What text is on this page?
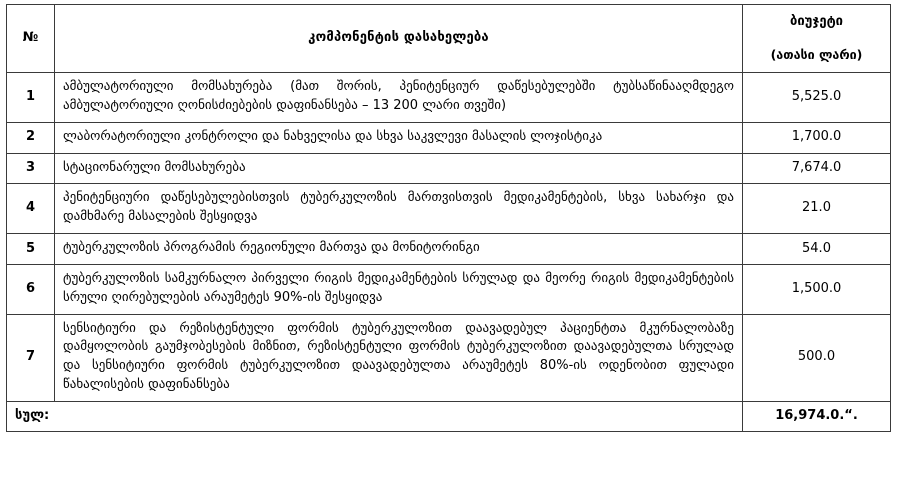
№	კომპონენტის დასახელება	ბიუჯეტი
(ათასი ლარი)

1	ამბულატორიული მომსახურება (მათ შორის, პენიტენციურ დაწესებულებში ტუბსაწინააღმდეგო ამბულატორიული ღონისძიებების დაფინანსება – 13 200 ლარი თვეში)	5,525.0
2	ლაბორატორიული კონტროლი და ნახველისა და სხვა საკვლევი მასალის ლოჯისტიკა	1,700.0
3	სტაციონარული მომსახურება	7,674.0
4	პენიტენციური დაწესებულებისთვის ტუბერკულოზის მართვისთვის მედიკამენტების, სხვა სახარჯი და დამხმარე მასალების შესყიდვა	21.0
5	ტუბერკულოზის პროგრამის რეგიონული მართვა და მონიტორინგი	54.0
6	ტუბერკულოზის სამკურნალო პირველი რიგის მედიკამენტების სრულად და მეორე რიგის მედიკამენტების სრული ღირებულების არაუმეტეს 90%-ის შესყიდვა	1,500.0
7	სენსიტიური და რეზისტენტული ფორმის ტუბერკულოზით დაავადებულ პაციენტთა მკურნალობაზე დამყოლობის გაუმჯობესების მიზნით, რეზისტენტული ფორმის ტუბერკულოზით დაავადებულთა სრულად და სენსიტიური ფორმის ტუბერკულოზით დაავადებულთა არაუმეტეს 80%-ის ოდენობით ფულადი წახალისების დაფინანსება	500.0
სულ:		16,974.0.“.
